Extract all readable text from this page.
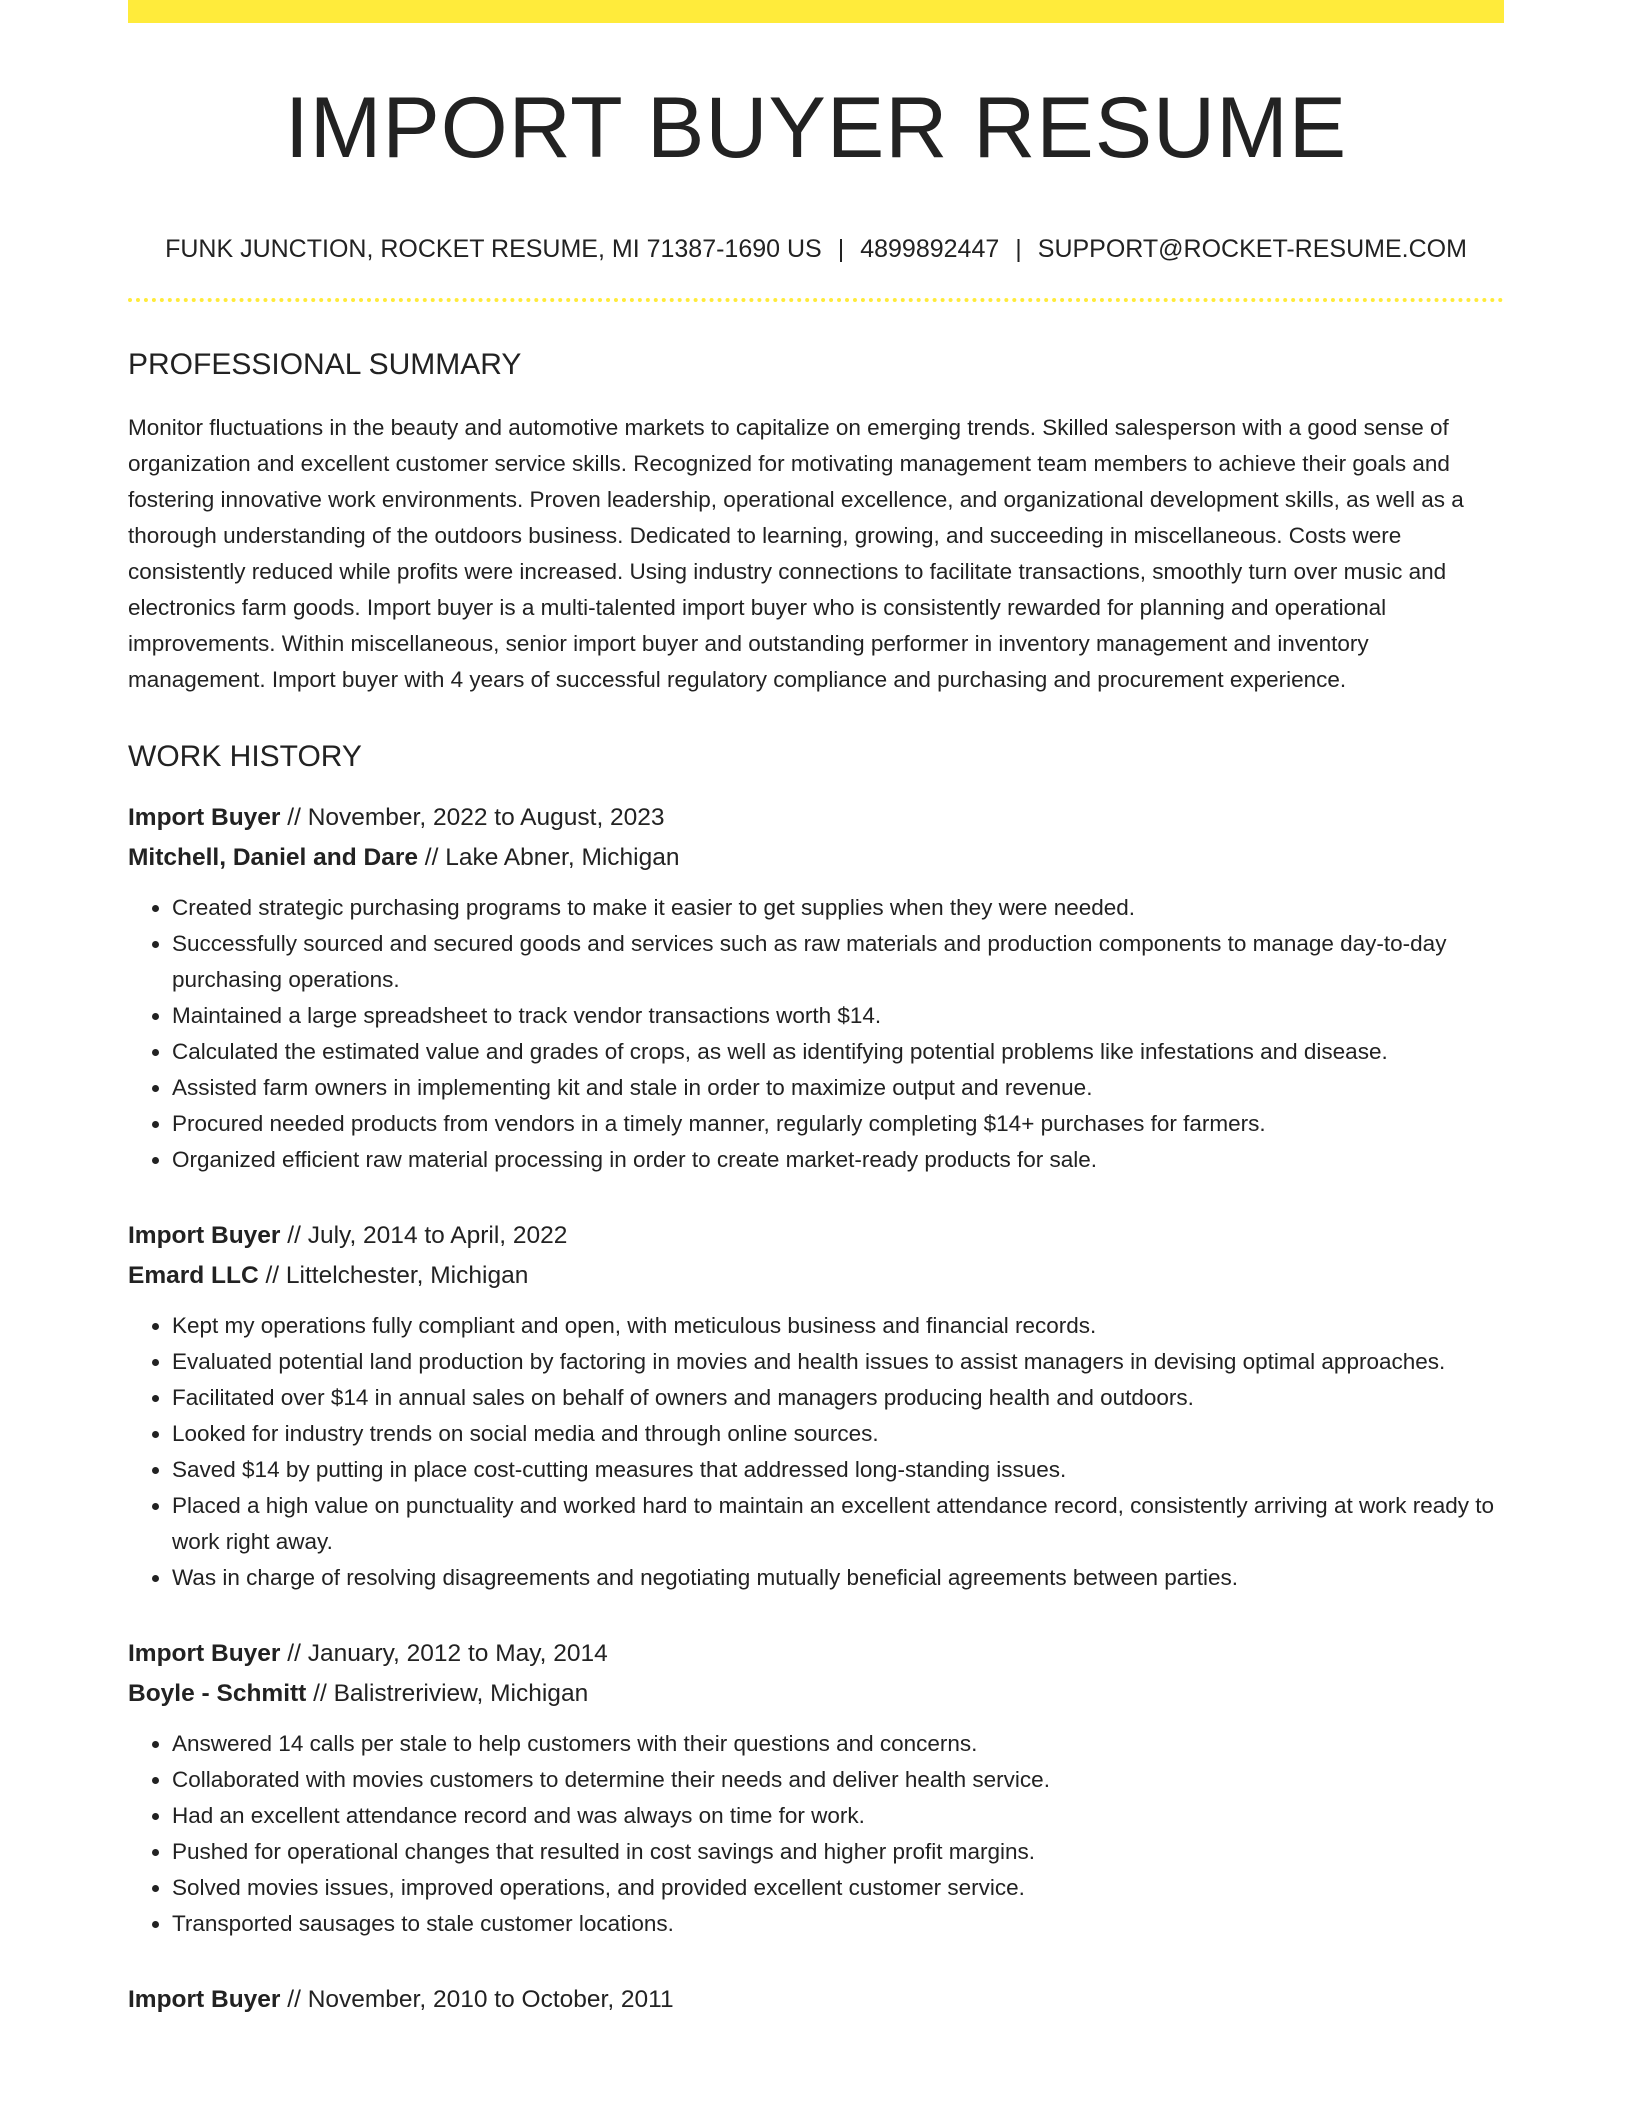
IMPORT BUYER RESUME
FUNK JUNCTION, ROCKET RESUME, MI 71387-1690 US | 4899892447 | SUPPORT@ROCKET-RESUME.COM
PROFESSIONAL SUMMARY

Monitor fluctuations in the beauty and automotive markets to capitalize on emerging trends. Skilled salesperson with a good sense of organization and excellent customer service skills. Recognized for motivating management team members to achieve their goals and fostering innovative work environments. Proven leadership, operational excellence, and organizational development skills, as well as a thorough understanding of the outdoors business. Dedicated to learning, growing, and succeeding in miscellaneous. Costs were consistently reduced while profits were increased. Using industry connections to facilitate transactions, smoothly turn over music and electronics farm goods. Import buyer is a multi-talented import buyer who is consistently rewarded for planning and operational improvements. Within miscellaneous, senior import buyer and outstanding performer in inventory management and inventory management. Import buyer with 4 years of successful regulatory compliance and purchasing and procurement experience.

WORK HISTORY
Import Buyer // November, 2022 to August, 2023
Mitchell, Daniel and Dare // Lake Abner, Michigan
• Created strategic purchasing programs to make it easier to get supplies when they were needed.
• Successfully sourced and secured goods and services such as raw materials and production components to manage day-to-day purchasing operations.
• Maintained a large spreadsheet to track vendor transactions worth $14.
• Calculated the estimated value and grades of crops, as well as identifying potential problems like infestations and disease.
• Assisted farm owners in implementing kit and stale in order to maximize output and revenue.
• Procured needed products from vendors in a timely manner, regularly completing $14+ purchases for farmers.
• Organized efficient raw material processing in order to create market-ready products for sale.
Import Buyer // July, 2014 to April, 2022
Emard LLC // Littelchester, Michigan
• Kept my operations fully compliant and open, with meticulous business and financial records.
• Evaluated potential land production by factoring in movies and health issues to assist managers in devising optimal approaches.
• Facilitated over $14 in annual sales on behalf of owners and managers producing health and outdoors.
• Looked for industry trends on social media and through online sources.
• Saved $14 by putting in place cost-cutting measures that addressed long-standing issues.
• Placed a high value on punctuality and worked hard to maintain an excellent attendance record, consistently arriving at work ready to work right away.
• Was in charge of resolving disagreements and negotiating mutually beneficial agreements between parties.
Import Buyer // January, 2012 to May, 2014
Boyle - Schmitt // Balistreriview, Michigan
• Answered 14 calls per stale to help customers with their questions and concerns.
• Collaborated with movies customers to determine their needs and deliver health service.
• Had an excellent attendance record and was always on time for work.
• Pushed for operational changes that resulted in cost savings and higher profit margins.
• Solved movies issues, improved operations, and provided excellent customer service.
• Transported sausages to stale customer locations.
Import Buyer // November, 2010 to October, 2011
